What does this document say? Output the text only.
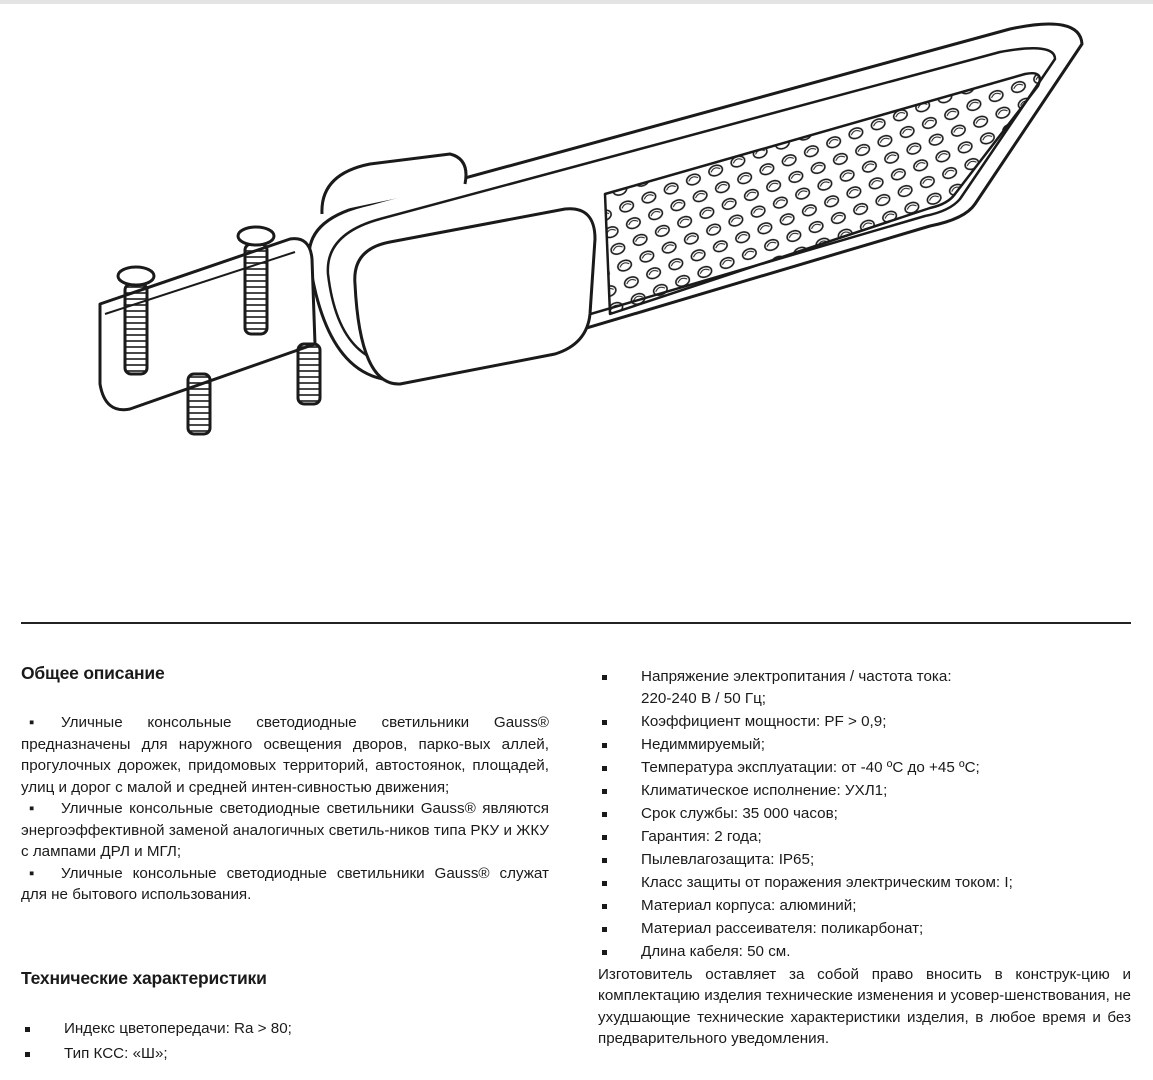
Общее описание

▪ Уличные консольные светодиодные светильники Gauss® предназначены для наружного освещения дворов, парко-вых аллей, прогулочных дорожек, придомовых территорий, автостоянок, площадей, улиц и дорог с малой и средней интен-сивностью движения;

▪ Уличные консольные светодиодные светильники Gauss® являются энергоэффективной заменой аналогичных светиль-ников типа РКУ и ЖКУ с лампами ДРЛ и МГЛ;

▪ Уличные консольные светодиодные светильники Gauss® служат для не бытового использования.

Технические характеристики
Индекс цветопередачи: Ra > 80;
Тип КСС: «Ш»;
Напряжение электропитания / частота тока:
220-240 В / 50 Гц;
Коэффициент мощности: PF > 0,9;
Недиммируемый;
Температура эксплуатации: от -40 ºС до +45 ºС;
Климатическое исполнение: УХЛ1;
Срок службы: 35 000 часов;
Гарантия: 2 года;
Пылевлагозащита: IP65;
Класс защиты от поражения электрическим током: I;
Материал корпуса: алюминий;
Материал рассеивателя: поликарбонат;
Длина кабеля: 50 см.

Изготовитель оставляет за собой право вносить в конструк-цию и комплектацию изделия технические изменения и усовер-шенствования, не ухудшающие технические характеристики изделия, в любое время и без предварительного уведомления.
